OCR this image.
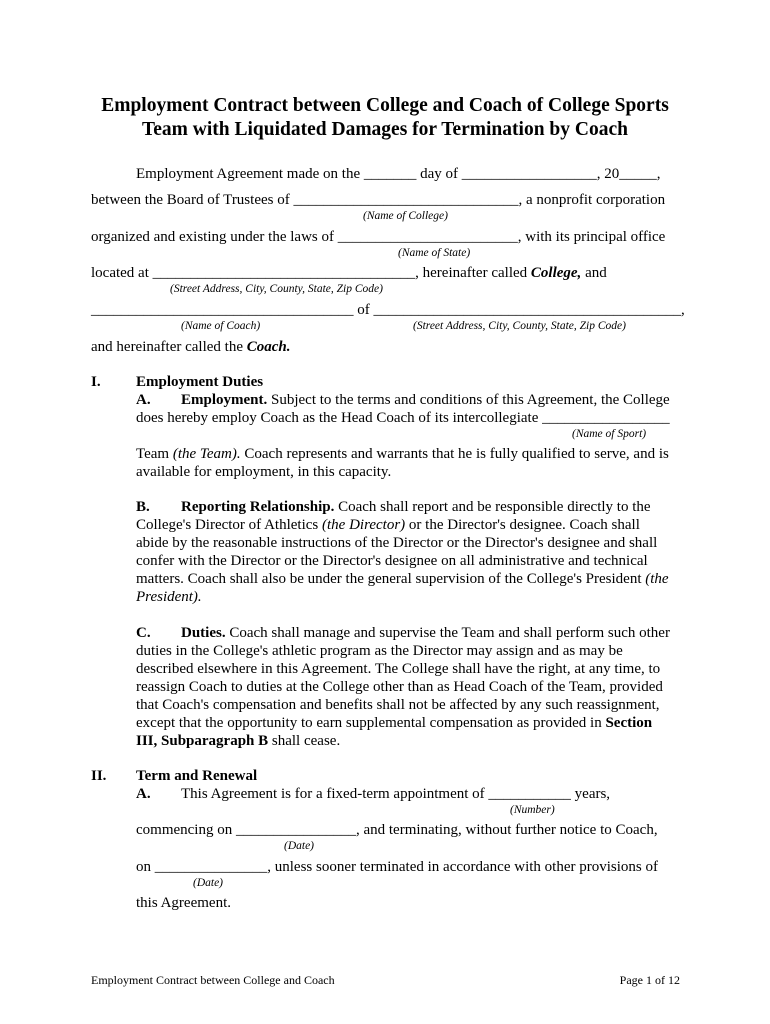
Employment Contract between College and Coach of College Sports
Team with Liquidated Damages for Termination by Coach
Employment Agreement made on the _______ day of __________________, 20_____,
between the Board of Trustees of ______________________________, a nonprofit corporation
(Name of College)
organized and existing under the laws of ________________________, with its principal office
(Name of State)
located at ___________________________________, hereinafter called College, and
(Street Address, City, County, State, Zip Code)
___________________________________ of _________________________________________,
(Name of Coach)	(Street Address, City, County, State, Zip Code)
and hereinafter called the Coach.
I. Employment Duties
A. Employment. Subject to the terms and conditions of this Agreement, the College
does hereby employ Coach as the Head Coach of its intercollegiate _________________
(Name of Sport)
Team (the Team). Coach represents and warrants that he is fully qualified to serve, and is
available for employment, in this capacity.
B. Reporting Relationship. Coach shall report and be responsible directly to the
College's Director of Athletics (the Director) or the Director's designee. Coach shall
abide by the reasonable instructions of the Director or the Director's designee and shall
confer with the Director or the Director's designee on all administrative and technical
matters. Coach shall also be under the general supervision of the College's President (the
President).
C. Duties. Coach shall manage and supervise the Team and shall perform such other
duties in the College's athletic program as the Director may assign and as may be
described elsewhere in this Agreement. The College shall have the right, at any time, to
reassign Coach to duties at the College other than as Head Coach of the Team, provided
that Coach's compensation and benefits shall not be affected by any such reassignment,
except that the opportunity to earn supplemental compensation as provided in Section
III, Subparagraph B shall cease.
II. Term and Renewal
A. This Agreement is for a fixed-term appointment of ___________ years,
(Number)
commencing on ________________, and terminating, without further notice to Coach,
(Date)
on _______________, unless sooner terminated in accordance with other provisions of
(Date)
this Agreement.
Employment Contract between College and Coach	Page 1 of 12
